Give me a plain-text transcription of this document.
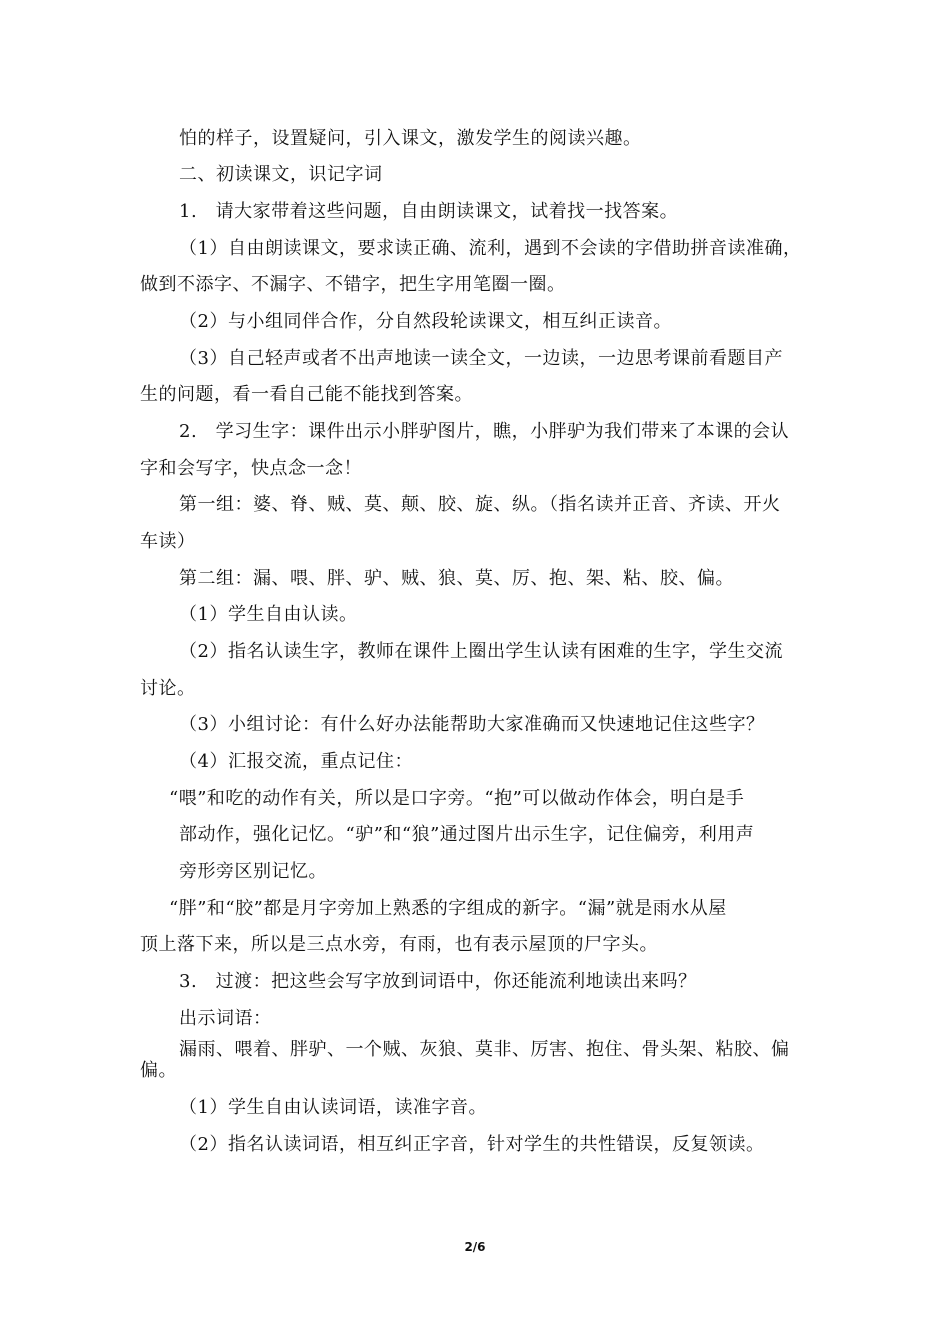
怕的样子，设置疑问，引入课文，激发学生的阅读兴趣。

二、初读课文，识记字词

1.　请大家带着这些问题，自由朗读课文，试着找一找答案。

（1）自由朗读课文，要求读正确、流利，遇到不会读的字借助拼音读准确，

做到不添字、不漏字、不错字，把生字用笔圈一圈。

（2）与小组同伴合作，分自然段轮读课文，相互纠正读音。

（3）自己轻声或者不出声地读一读全文，一边读，一边思考课前看题目产

生的问题，看一看自己能不能找到答案。

2.　学习生字：课件出示小胖驴图片，瞧，小胖驴为我们带来了本课的会认

字和会写字，快点念一念！

第一组：婆、脊、贼、莫、颠、胶、旋、纵。（指名读并正音、齐读、开火

车读）

第二组：漏、喂、胖、驴、贼、狼、莫、厉、抱、架、粘、胶、偏。

（1）学生自由认读。

（2）指名认读生字，教师在课件上圈出学生认读有困难的生字，学生交流

讨论。

（3）小组讨论：有什么好办法能帮助大家准确而又快速地记住这些字？

（4）汇报交流，重点记住：

“喂”和吃的动作有关，所以是口字旁。“抱”可以做动作体会，明白是手

部动作，强化记忆。“驴”和“狼”通过图片出示生字，记住偏旁，利用声

旁形旁区别记忆。

“胖”和“胶”都是月字旁加上熟悉的字组成的新字。“漏”就是雨水从屋

顶上落下来，所以是三点水旁，有雨，也有表示屋顶的尸字头。

3.　过渡：把这些会写字放到词语中，你还能流利地读出来吗？

出示词语：

漏雨、喂着、胖驴、一个贼、灰狼、莫非、厉害、抱住、骨头架、粘胶、偏

偏。

（1）学生自由认读词语，读准字音。

（2）指名认读词语，相互纠正字音，针对学生的共性错误，反复领读。

2/6
